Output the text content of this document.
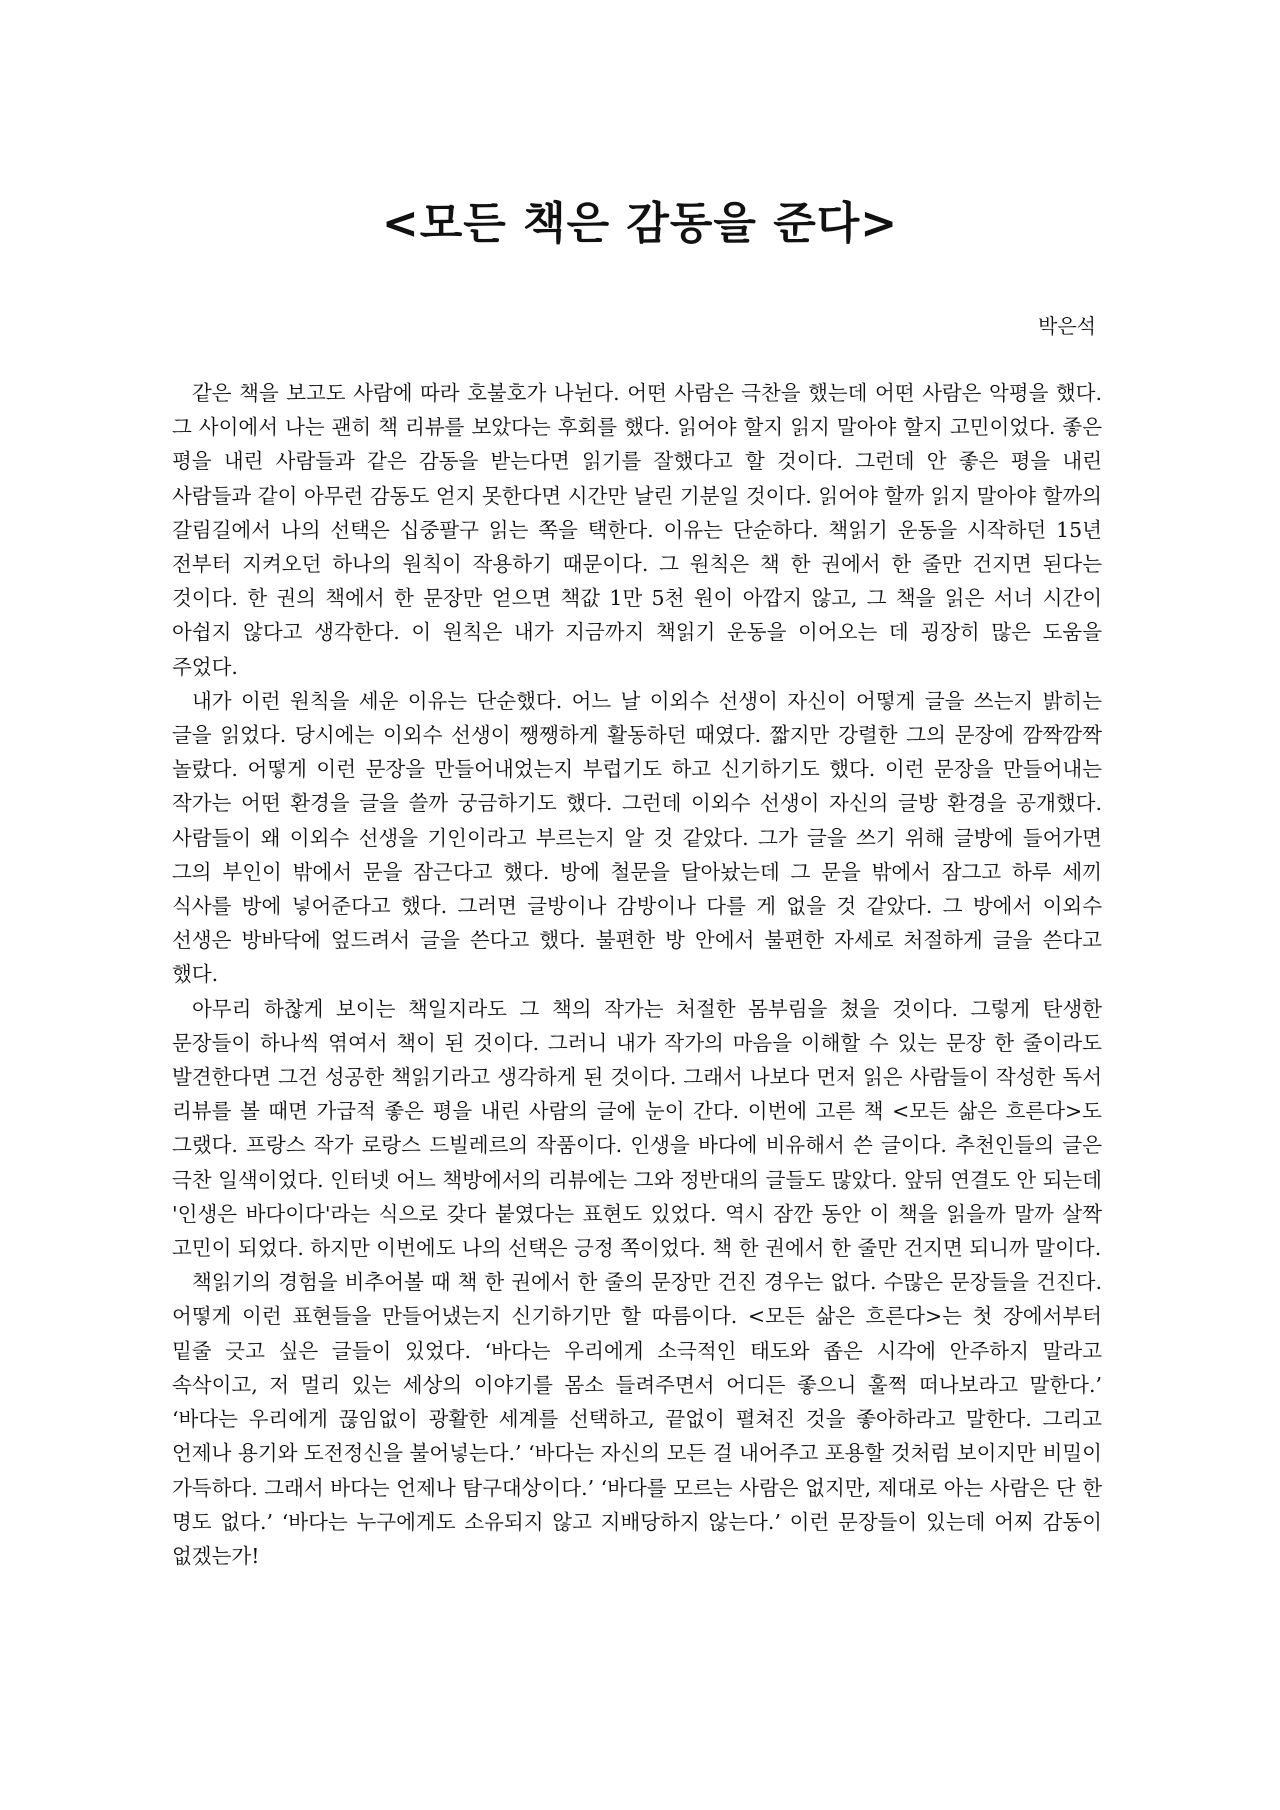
<모든 책은 감동을 준다>

박은석

같은 책을 보고도 사람에 따라 호불호가 나뉜다. 어떤 사람은 극찬을 했는데 어떤 사람은 악평을 했다. 그 사이에서 나는 괜히 책 리뷰를 보았다는 후회를 했다. 읽어야 할지 읽지 말아야 할지 고민이었다. 좋은 평을 내린 사람들과 같은 감동을 받는다면 읽기를 잘했다고 할 것이다. 그런데 안 좋은 평을 내린 사람들과 같이 아무런 감동도 얻지 못한다면 시간만 날린 기분일 것이다. 읽어야 할까 읽지 말아야 할까의 갈림길에서 나의 선택은 십중팔구 읽는 쪽을 택한다. 이유는 단순하다. 책읽기 운동을 시작하던 15년 전부터 지켜오던 하나의 원칙이 작용하기 때문이다. 그 원칙은 책 한 권에서 한 줄만 건지면 된다는 것이다. 한 권의 책에서 한 문장만 얻으면 책값 1만 5천 원이 아깝지 않고, 그 책을 읽은 서너 시간이 아쉽지 않다고 생각한다. 이 원칙은 내가 지금까지 책읽기 운동을 이어오는 데 굉장히 많은 도움을 주었다.

내가 이런 원칙을 세운 이유는 단순했다. 어느 날 이외수 선생이 자신이 어떻게 글을 쓰는지 밝히는 글을 읽었다. 당시에는 이외수 선생이 쨍쨍하게 활동하던 때였다. 짧지만 강렬한 그의 문장에 깜짝깜짝 놀랐다. 어떻게 이런 문장을 만들어내었는지 부럽기도 하고 신기하기도 했다. 이런 문장을 만들어내는 작가는 어떤 환경을 글을 쓸까 궁금하기도 했다. 그런데 이외수 선생이 자신의 글방 환경을 공개했다. 사람들이 왜 이외수 선생을 기인이라고 부르는지 알 것 같았다. 그가 글을 쓰기 위해 글방에 들어가면 그의 부인이 밖에서 문을 잠근다고 했다. 방에 철문을 달아놨는데 그 문을 밖에서 잠그고 하루 세끼 식사를 방에 넣어준다고 했다. 그러면 글방이나 감방이나 다를 게 없을 것 같았다. 그 방에서 이외수 선생은 방바닥에 엎드려서 글을 쓴다고 했다. 불편한 방 안에서 불편한 자세로 처절하게 글을 쓴다고 했다.

아무리 하찮게 보이는 책일지라도 그 책의 작가는 처절한 몸부림을 쳤을 것이다. 그렇게 탄생한 문장들이 하나씩 엮여서 책이 된 것이다. 그러니 내가 작가의 마음을 이해할 수 있는 문장 한 줄이라도 발견한다면 그건 성공한 책읽기라고 생각하게 된 것이다. 그래서 나보다 먼저 읽은 사람들이 작성한 독서 리뷰를 볼 때면 가급적 좋은 평을 내린 사람의 글에 눈이 간다. 이번에 고른 책 <모든 삶은 흐른다>도 그랬다. 프랑스 작가 로랑스 드빌레르의 작품이다. 인생을 바다에 비유해서 쓴 글이다. 추천인들의 글은 극찬 일색이었다. 인터넷 어느 책방에서의 리뷰에는 그와 정반대의 글들도 많았다. 앞뒤 연결도 안 되는데 '인생은 바다이다'라는 식으로 갖다 붙였다는 표현도 있었다. 역시 잠깐 동안 이 책을 읽을까 말까 살짝 고민이 되었다. 하지만 이번에도 나의 선택은 긍정 쪽이었다. 책 한 권에서 한 줄만 건지면 되니까 말이다.

책읽기의 경험을 비추어볼 때 책 한 권에서 한 줄의 문장만 건진 경우는 없다. 수많은 문장들을 건진다. 어떻게 이런 표현들을 만들어냈는지 신기하기만 할 따름이다. <모든 삶은 흐른다>는 첫 장에서부터 밑줄 긋고 싶은 글들이 있었다. ‘바다는 우리에게 소극적인 태도와 좁은 시각에 안주하지 말라고 속삭이고, 저 멀리 있는 세상의 이야기를 몸소 들려주면서 어디든 좋으니 훌쩍 떠나보라고 말한다.’ ‘바다는 우리에게 끊임없이 광활한 세계를 선택하고, 끝없이 펼쳐진 것을 좋아하라고 말한다. 그리고 언제나 용기와 도전정신을 불어넣는다.’ ‘바다는 자신의 모든 걸 내어주고 포용할 것처럼 보이지만 비밀이 가득하다. 그래서 바다는 언제나 탐구대상이다.’ ‘바다를 모르는 사람은 없지만, 제대로 아는 사람은 단 한 명도 없다.’ ‘바다는 누구에게도 소유되지 않고 지배당하지 않는다.’ 이런 문장들이 있는데 어찌 감동이 없겠는가!
